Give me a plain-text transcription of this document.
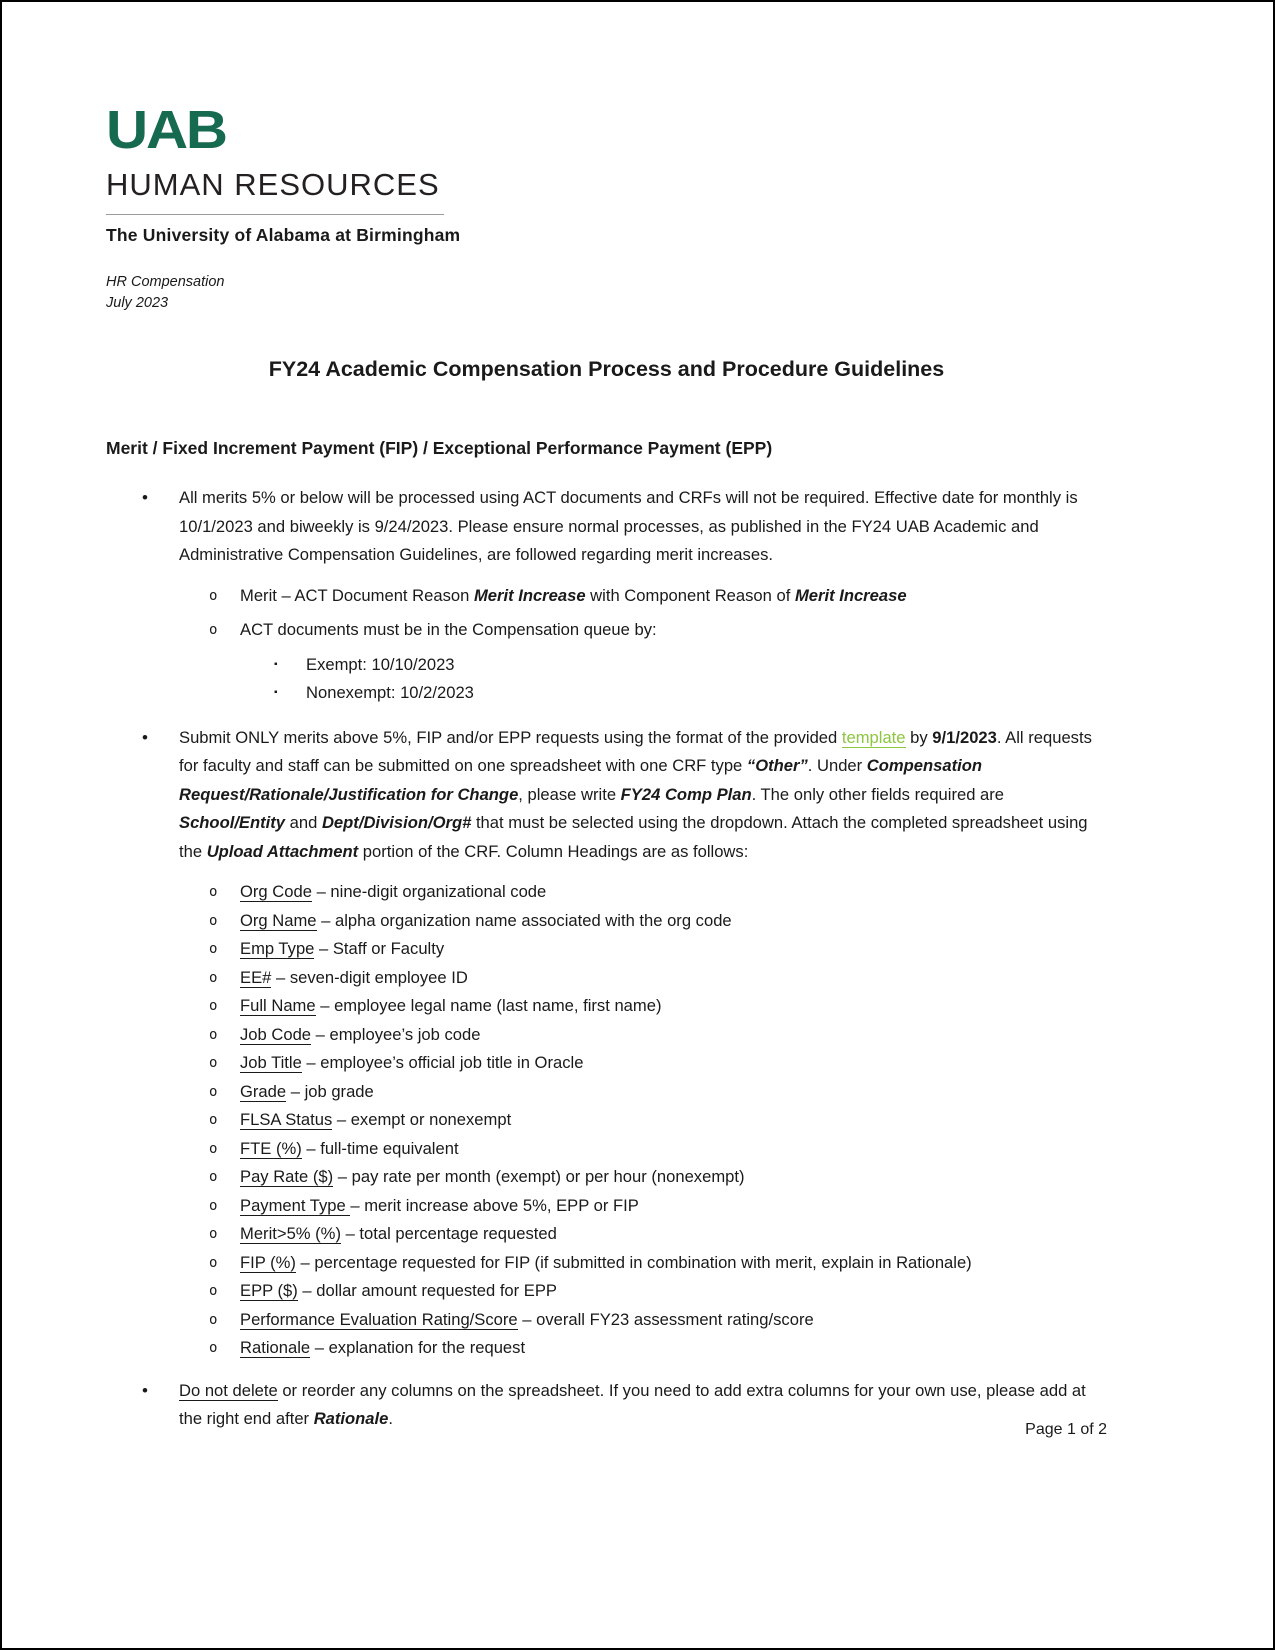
UAB
HUMAN RESOURCES
The University of Alabama at Birmingham
HR Compensation
July 2023
FY24 Academic Compensation Process and Procedure Guidelines
Merit / Fixed Increment Payment (FIP) / Exceptional Performance Payment (EPP)
• All merits 5% or below will be processed using ACT documents and CRFs will not be required. Effective date for monthly is 10/1/2023 and biweekly is 9/24/2023. Please ensure normal processes, as published in the FY24 UAB Academic and Administrative Compensation Guidelines, are followed regarding merit increases.
o Merit – ACT Document Reason Merit Increase with Component Reason of Merit Increase
o ACT documents must be in the Compensation queue by:
▪ Exempt: 10/10/2023
▪ Nonexempt: 10/2/2023
• Submit ONLY merits above 5%, FIP and/or EPP requests using the format of the provided template by 9/1/2023. All requests for faculty and staff can be submitted on one spreadsheet with one CRF type “Other”. Under Compensation Request/Rationale/Justification for Change, please write FY24 Comp Plan. The only other fields required are School/Entity and Dept/Division/Org# that must be selected using the dropdown. Attach the completed spreadsheet using the Upload Attachment portion of the CRF. Column Headings are as follows:
o Org Code – nine-digit organizational code
o Org Name – alpha organization name associated with the org code
o Emp Type – Staff or Faculty
o EE# – seven-digit employee ID
o Full Name – employee legal name (last name, first name)
o Job Code – employee’s job code
o Job Title – employee’s official job title in Oracle
o Grade – job grade
o FLSA Status – exempt or nonexempt
o FTE (%) – full-time equivalent
o Pay Rate ($) – pay rate per month (exempt) or per hour (nonexempt)
o Payment Type – merit increase above 5%, EPP or FIP
o Merit>5% (%) – total percentage requested
o FIP (%) – percentage requested for FIP (if submitted in combination with merit, explain in Rationale)
o EPP ($) – dollar amount requested for EPP
o Performance Evaluation Rating/Score – overall FY23 assessment rating/score
o Rationale – explanation for the request
• Do not delete or reorder any columns on the spreadsheet. If you need to add extra columns for your own use, please add at the right end after Rationale.
Page 1 of 2
